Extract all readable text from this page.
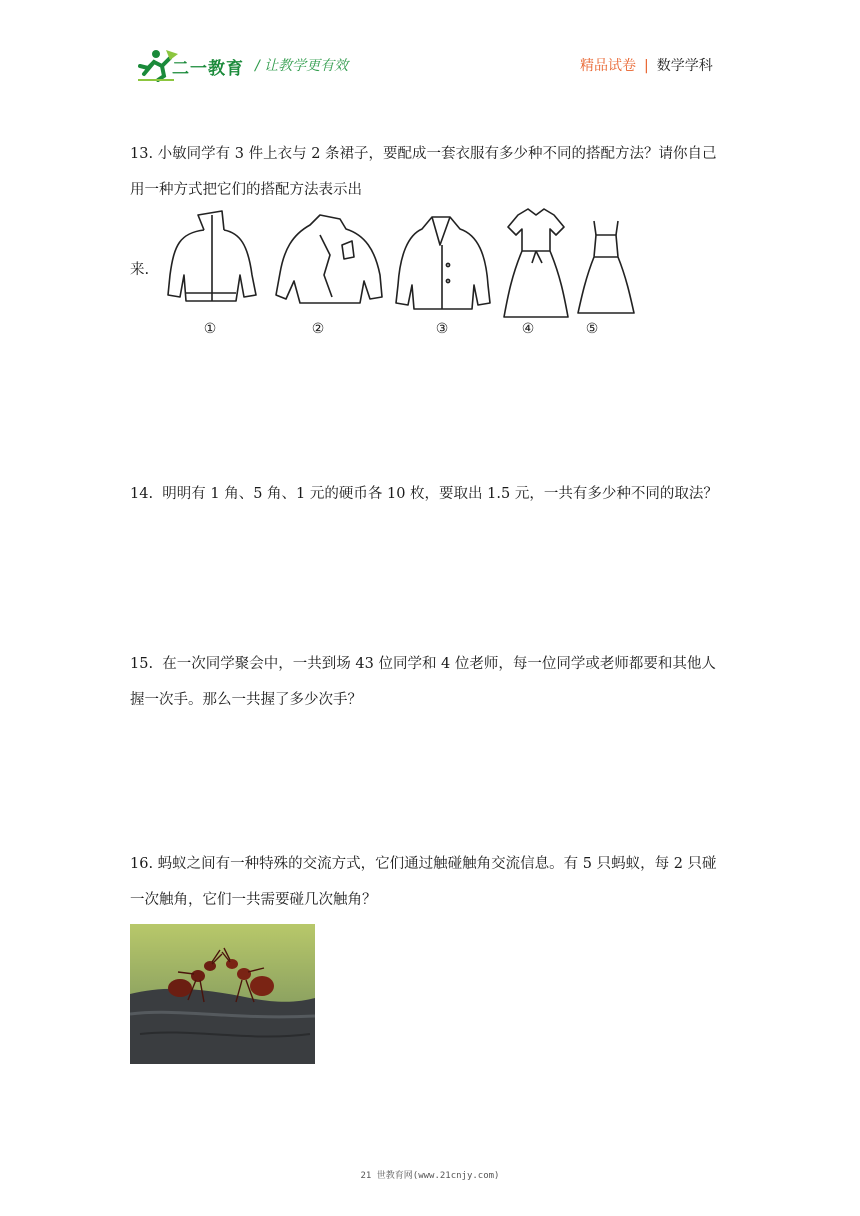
二一教育 / 让教学更有效	精品试卷 | 数学学科
13. 小敏同学有 3 件上衣与 2 条裙子，要配成一套衣服有多少种不同的搭配方法？请你自己
用一种方式把它们的搭配方法表示出
来.
①	②	③	④	⑤
14. 明明有 1 角、5 角、1 元的硬币各 10 枚，要取出 1.5 元，一共有多少种不同的取法？
15. 在一次同学聚会中，一共到场 43 位同学和 4 位老师，每一位同学或老师都要和其他人
握一次手。那么一共握了多少次手？
16. 蚂蚁之间有一种特殊的交流方式，它们通过触碰触角交流信息。有 5 只蚂蚁，每 2 只碰
一次触角，它们一共需要碰几次触角？
21 世教育网(www.21cnjy.com)
